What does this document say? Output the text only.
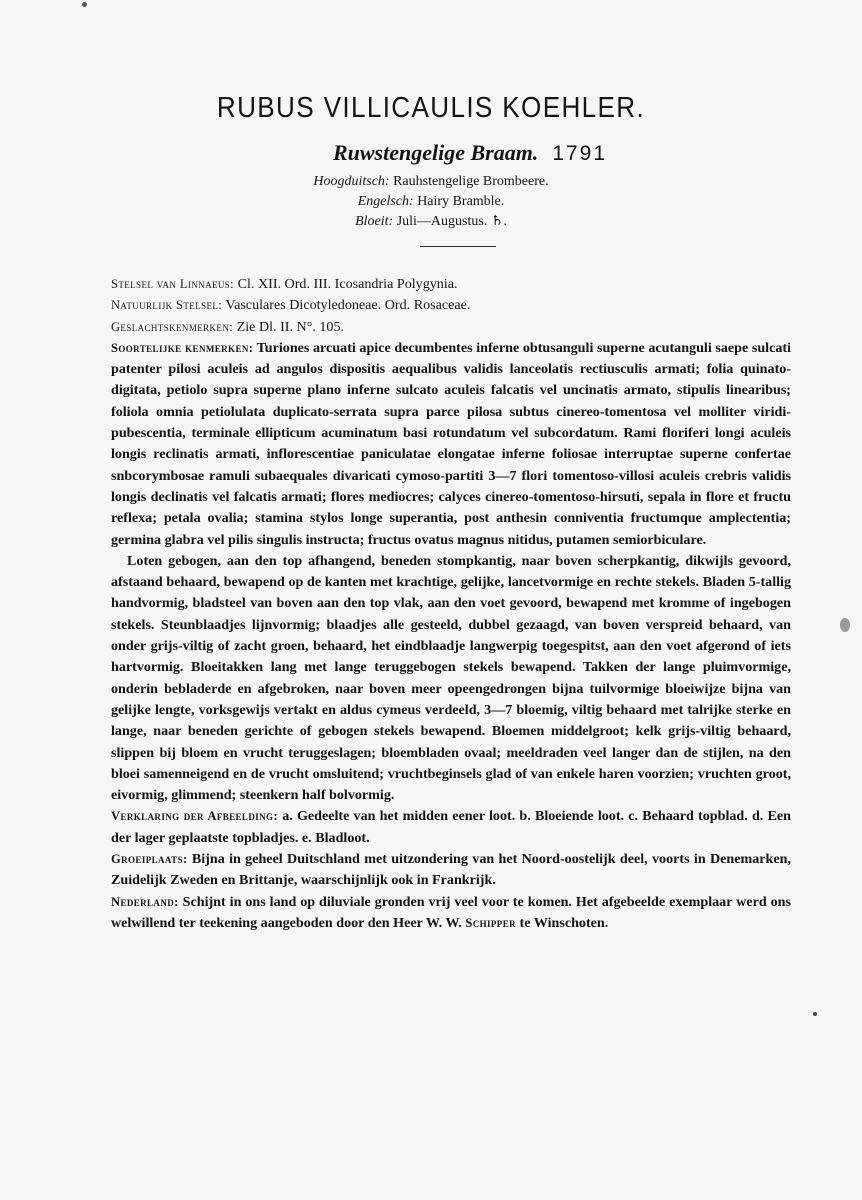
RUBUS VILLICAULIS KOEHLER.
Ruwstengelige Braam. 1791
Hoogduitsch: Rauhstengelige Brombeere.
Engelsch: Hairy Bramble.
Bloeit: Juli—Augustus. ♄.

Stelsel van Linnaeus: Cl. XII. Ord. III. Icosandria Polygynia.

Natuurlijk Stelsel: Vasculares Dicotyledoneae. Ord. Rosaceae.

Geslachtskenmerken: Zie Dl. II. N°. 105.

Soortelijke kenmerken: Turiones arcuati apice decumbentes inferne obtusanguli superne acutanguli saepe sulcati patenter pilosi aculeis ad angulos dispositis aequalibus validis lanceolatis rectiusculis armati; folia quinato-digitata, petiolo supra superne plano inferne sulcato aculeis falcatis vel uncinatis armato, stipulis linearibus; foliola omnia petiolulata duplicato-serrata supra parce pilosa subtus cinereo-tomentosa vel molliter viridi-pubescentia, terminale ellipticum acuminatum basi rotundatum vel subcordatum. Rami floriferi longi aculeis longis reclinatis armati, inflorescentiae paniculatae elongatae inferne foliosae interruptae superne confertae snbcorymbosae ramuli subaequales divaricati cymoso-partiti 3—7 flori tomentoso-villosi aculeis crebris validis longis declinatis vel falcatis armati; flores mediocres; calyces cinereo-tomentoso-hirsuti, sepala in flore et fructu reflexa; petala ovalia; stamina stylos longe superantia, post anthesin conniventia fructumque amplectentia; germina glabra vel pilis singulis instructa; fructus ovatus magnus nitidus, putamen semiorbiculare.

Loten gebogen, aan den top afhangend, beneden stompkantig, naar boven scherpkantig, dikwijls gevoord, afstaand behaard, bewapend op de kanten met krachtige, gelijke, lancetvormige en rechte stekels. Bladen 5-tallig handvormig, bladsteel van boven aan den top vlak, aan den voet gevoord, bewapend met kromme of ingebogen stekels. Steunblaadjes lijnvormig; blaadjes alle gesteeld, dubbel gezaagd, van boven verspreid behaard, van onder grijs-viltig of zacht groen, behaard, het eindblaadje langwerpig toegespitst, aan den voet afgerond of iets hartvormig. Bloeitakken lang met lange teruggebogen stekels bewapend. Takken der lange pluimvormige, onderin bebladerde en afgebroken, naar boven meer opeengedrongen bijna tuilvormige bloeiwijze bijna van gelijke lengte, vorksgewijs vertakt en aldus cymeus verdeeld, 3—7 bloemig, viltig behaard met talrijke sterke en lange, naar beneden gerichte of gebogen stekels bewapend. Bloemen middelgroot; kelk grijs-viltig behaard, slippen bij bloem en vrucht teruggeslagen; bloembladen ovaal; meeldraden veel langer dan de stijlen, na den bloei samenneigend en de vrucht omsluitend; vruchtbeginsels glad of van enkele haren voorzien; vruchten groot, eivormig, glimmend; steenkern half bolvormig.

Verklaring der Afbeelding: a. Gedeelte van het midden eener loot. b. Bloeiende loot. c. Behaard topblad. d. Een der lager geplaatste topbladjes. e. Bladloot.

Groeiplaats: Bijna in geheel Duitschland met uitzondering van het Noord-oostelijk deel, voorts in Denemarken, Zuidelijk Zweden en Brittanje, waarschijnlijk ook in Frankrijk.

Nederland: Schijnt in ons land op diluviale gronden vrij veel voor te komen. Het afgebeelde exemplaar werd ons welwillend ter teekening aangeboden door den Heer W. W. Schipper te Winschoten.
